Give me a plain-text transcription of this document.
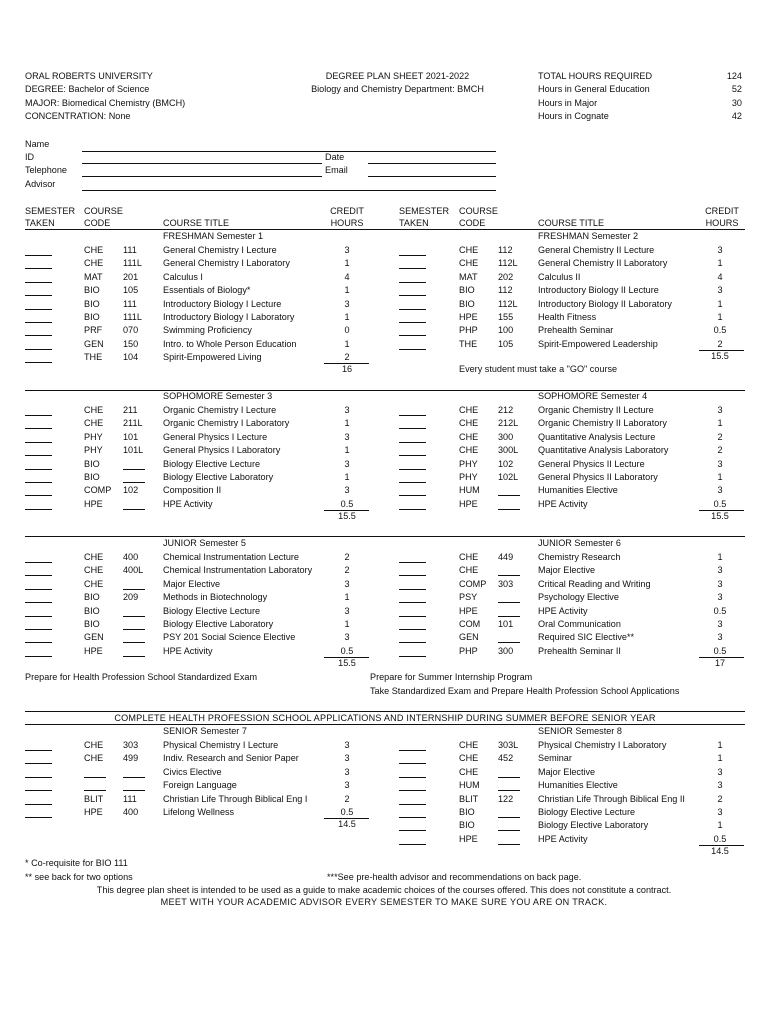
ORAL ROBERTS UNIVERSITY
DEGREE: Bachelor of Science
MAJOR: Biomedical Chemistry (BMCH)
CONCENTRATION: None
DEGREE PLAN SHEET 2021-2022
Biology and Chemistry Department: BMCH
TOTAL HOURS REQUIRED	124
Hours in General Education	52
Hours in Major	30
Hours in Cognate	42
Name
ID	Date
Telephone	Email
Advisor
SEMESTER
TAKEN
COURSE
CODE	COURSE TITLE
CREDIT
HOURS
SEMESTER
TAKEN
COURSE
CODE	COURSE TITLE
CREDIT
HOURS
FRESHMAN Semester 1
CHE 111	General Chemistry I Lecture	3
CHE 111L General Chemistry I Laboratory	1
MAT 201	Calculus I	4
BIO	105	Essentials of Biology*	1
BIO	111	Introductory Biology I Lecture	3
BIO	111L Introductory Biology I Laboratory	1
PRF 070	Swimming Proficiency	0
GEN 150	Intro. to Whole Person Education	1
THE 104	Spirit-Empowered Living	2
16
FRESHMAN Semester 2
CHE 112	General Chemistry II Lecture	3
CHE 112L General Chemistry II Laboratory	1
MAT 202	Calculus II	4
BIO	112	Introductory Biology II Lecture	3
BIO	112L Introductory Biology II Laboratory	1
HPE 155	Health Fitness	1
PHP 100	Prehealth Seminar	0.5
THE 105	Spirit-Empowered Leadership	2
15.5
Every student must take a "GO" course
SOPHOMORE Semester 3
CHE 211	Organic Chemistry I Lecture	3
CHE 211L Organic Chemistry I Laboratory	1
PHY 101	General Physics I Lecture	3
PHY 101L General Physics I Laboratory	1
BIO	Biology Elective Lecture	3
BIO	Biology Elective Laboratory	1
COMP 102	Composition II	3
HPE	HPE Activity	0.5
15.5
SOPHOMORE Semester 4
CHE 212	Organic Chemistry II Lecture	3
CHE 212L Organic Chemistry II Laboratory	1
CHE 300	Quantitative Analysis Lecture	2
CHE 300L Quantitative Analysis Laboratory	2
PHY 102	General Physics II Lecture	3
PHY 102L General Physics II Laboratory	1
HUM	Humanities Elective	3
HPE	HPE Activity	0.5
15.5
JUNIOR Semester 5
CHE 400	Chemical Instrumentation Lecture	2
CHE 400L Chemical Instrumentation Laboratory	2
CHE	Major Elective	3
BIO	209	Methods in Biotechnology	1
BIO	Biology Elective Lecture	3
BIO	Biology Elective Laboratory	1
GEN	PSY 201 Social Science Elective	3
HPE	HPE Activity	0.5
15.5
Prepare for Health Profession School Standardized Exam
JUNIOR Semester 6
CHE 449	Chemistry Research	1
CHE	Major Elective	3
COMP 303	Critical Reading and Writing	3
PSY	Psychology Elective	3
HPE	HPE Activity	0.5
COM 101	Oral Communication	3
GEN	Required SIC Elective**	3
PHP 300	Prehealth Seminar II	0.5
17
Prepare for Summer Internship Program
Take Standardized Exam and Prepare Health Profession School Applications
COMPLETE HEALTH PROFESSION SCHOOL APPLICATIONS AND INTERNSHIP DURING SUMMER BEFORE SENIOR YEAR
SENIOR Semester 7
CHE 303	Physical Chemistry I Lecture	3
CHE 499	Indiv. Research and Senior Paper	3
Civics Elective	3
Foreign Language	3
BLIT 111	Christian Life Through Biblical Eng I	2
HPE 400	Lifelong Wellness	0.5
14.5
SENIOR Semester 8
CHE 303L Physical Chemistry I Laboratory	1
CHE 452	Seminar	1
CHE	Major Elective	3
HUM	Humanities Elective	3
BLIT 122	Christian Life Through Biblical Eng II	2
BIO	Biology Elective Lecture	3
BIO	Biology Elective Laboratory	1
HPE	HPE Activity	0.5
14.5
* Co-requisite for BIO 111
** see back for two options	***See pre-health advisor and recommendations on back page.
This degree plan sheet is intended to be used as a guide to make academic choices of the courses offered. This does not constitute a contract.
MEET WITH YOUR ACADEMIC ADVISOR EVERY SEMESTER TO MAKE SURE YOU ARE ON TRACK.
